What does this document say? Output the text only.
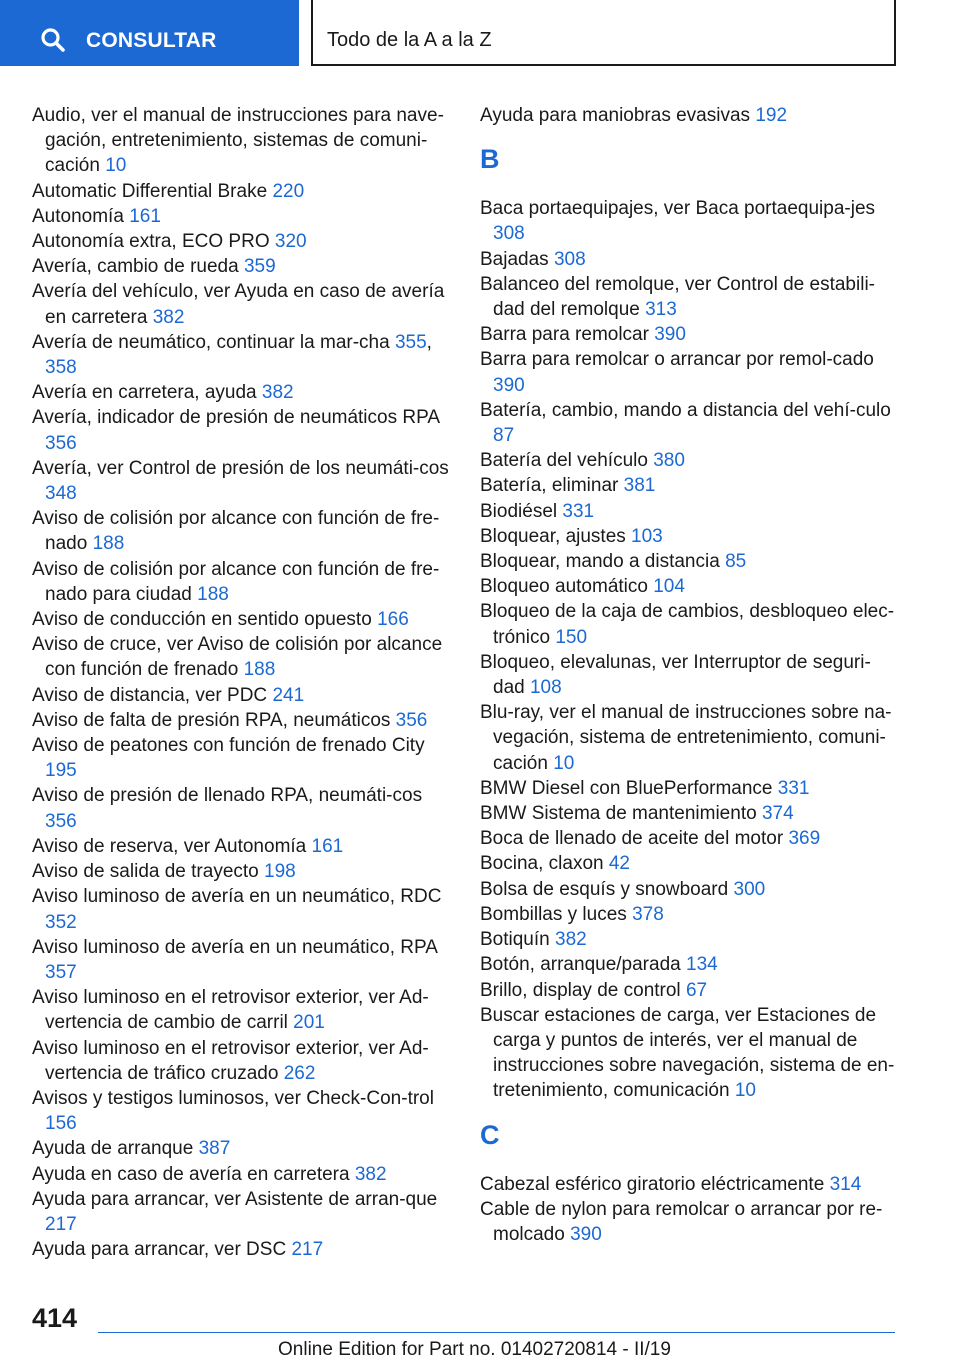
CONSULTAR	Todo de la A a la Z
Audio, ver el manual de instrucciones para nave-gación, entretenimiento, sistemas de comuni-cación 10
Automatic Differential Brake 220
Autonomía 161
Autonomía extra, ECO PRO 320
Avería, cambio de rueda 359
Avería del vehículo, ver Ayuda en caso de avería en carretera 382
Avería de neumático, continuar la mar-cha 355, 358
Avería en carretera, ayuda 382
Avería, indicador de presión de neumáticos RPA 356
Avería, ver Control de presión de los neumáti-cos 348
Aviso de colisión por alcance con función de fre-nado 188
Aviso de colisión por alcance con función de fre-nado para ciudad 188
Aviso de conducción en sentido opuesto 166
Aviso de cruce, ver Aviso de colisión por alcance con función de frenado 188
Aviso de distancia, ver PDC 241
Aviso de falta de presión RPA, neumáticos 356
Aviso de peatones con función de frenado City 195
Aviso de presión de llenado RPA, neumáti-cos 356
Aviso de reserva, ver Autonomía 161
Aviso de salida de trayecto 198
Aviso luminoso de avería en un neumático, RDC 352
Aviso luminoso de avería en un neumático, RPA 357
Aviso luminoso en el retrovisor exterior, ver Ad-vertencia de cambio de carril 201
Aviso luminoso en el retrovisor exterior, ver Ad-vertencia de tráfico cruzado 262
Avisos y testigos luminosos, ver Check-Con-trol 156
Ayuda de arranque 387
Ayuda en caso de avería en carretera 382
Ayuda para arrancar, ver Asistente de arran-que 217
Ayuda para arrancar, ver DSC 217
Ayuda para maniobras evasivas 192
B
Baca portaequipajes, ver Baca portaequipa-jes 308
Bajadas 308
Balanceo del remolque, ver Control de estabili-dad del remolque 313
Barra para remolcar 390
Barra para remolcar o arrancar por remol-cado 390
Batería, cambio, mando a distancia del vehí-culo 87
Batería del vehículo 380
Batería, eliminar 381
Biodiésel 331
Bloquear, ajustes 103
Bloquear, mando a distancia 85
Bloqueo automático 104
Bloqueo de la caja de cambios, desbloqueo elec-trónico 150
Bloqueo, elevalunas, ver Interruptor de seguri-dad 108
Blu-ray, ver el manual de instrucciones sobre na-vegación, sistema de entretenimiento, comuni-cación 10
BMW Diesel con BluePerformance 331
BMW Sistema de mantenimiento 374
Boca de llenado de aceite del motor 369
Bocina, claxon 42
Bolsa de esquís y snowboard 300
Bombillas y luces 378
Botiquín 382
Botón, arranque/parada 134
Brillo, display de control 67
Buscar estaciones de carga, ver Estaciones de carga y puntos de interés, ver el manual de instrucciones sobre navegación, sistema de en-tretenimiento, comunicación 10
C
Cabezal esférico giratorio eléctricamente 314
Cable de nylon para remolcar o arrancar por re-molcado 390
414
Online Edition for Part no. 01402720814 - II/19
